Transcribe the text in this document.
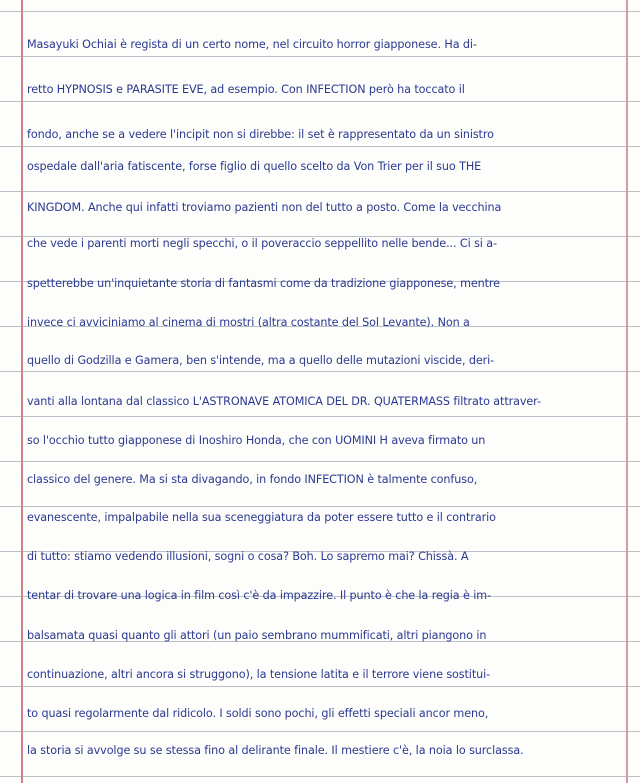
Masayuki Ochiai è regista di un certo nome, nel circuito horror giapponese. Ha di-
retto HYPNOSIS e PARASITE EVE, ad esempio. Con INFECTION però ha toccato il
fondo, anche se a vedere l'incipit non si direbbe: il set è rappresentato da un sinistro
ospedale dall'aria fatiscente, forse figlio di quello scelto da Von Trier per il suo THE
KINGDOM. Anche qui infatti troviamo pazienti non del tutto a posto. Come la vecchina
che vede i parenti morti negli specchi, o il poveraccio seppellito nelle bende... Ci si a-
spetterebbe un'inquietante storia di fantasmi come da tradizione giapponese, mentre
invece ci avviciniamo al cinema di mostri (altra costante del Sol Levante). Non a
quello di Godzilla e Gamera, ben s'intende, ma a quello delle mutazioni viscide, deri-
vanti alla lontana dal classico L'ASTRONAVE ATOMICA DEL DR. QUATERMASS filtrato attraver-
so l'occhio tutto giapponese di Inoshiro Honda, che con UOMINI H aveva firmato un
classico del genere. Ma si sta divagando, in fondo INFECTION è talmente confuso,
evanescente, impalpabile nella sua sceneggiatura da poter essere tutto e il contrario
di tutto: stiamo vedendo illusioni, sogni o cosa? Boh. Lo sapremo mai? Chissà. A
tentar di trovare una logica in film così c'è da impazzire. Il punto è che la regia è im-
balsamata quasi quanto gli attori (un paio sembrano mummificati, altri piangono in
continuazione, altri ancora si struggono), la tensione latita e il terrore viene sostitui-
to quasi regolarmente dal ridicolo. I soldi sono pochi, gli effetti speciali ancor meno,
la storia si avvolge su se stessa fino al delirante finale. Il mestiere c'è, la noia lo surclassa.
